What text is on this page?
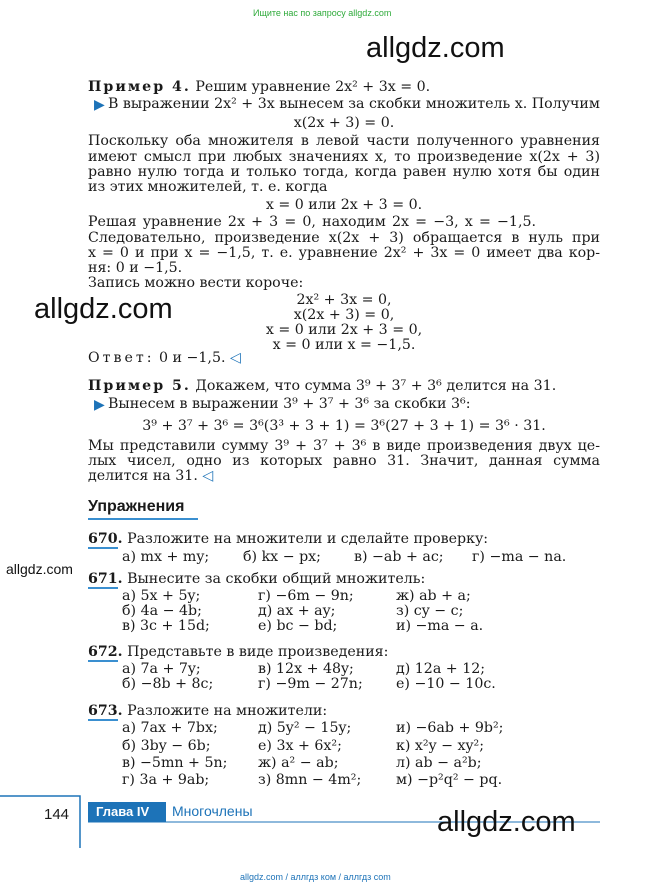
Ищите нас по запросу allgdz.com
allgdz.com
Пример 4. Решим уравнение 2x² + 3x = 0.
▶ В выражении 2x² + 3x вынесем за скобки множитель x. Получим
x(2x + 3) = 0.
Поскольку оба множителя в левой части полученного уравнения
имеют смысл при любых значениях x, то произведение x(2x + 3)
равно нулю тогда и только тогда, когда равен нулю хотя бы один
из этих множителей, т. е. когда
x = 0 или 2x + 3 = 0.
Решая уравнение 2x + 3 = 0, находим 2x = −3, x = −1,5.
Следовательно, произведение x(2x + 3) обращается в нуль при
x = 0 и при x = −1,5, т. е. уравнение 2x² + 3x = 0 имеет два кор-
ня: 0 и −1,5.
Запись можно вести короче:
allgdz.com	2x² + 3x = 0,
x(2x + 3) = 0,
x = 0 или 2x + 3 = 0,
x = 0 или x = −1,5.
Ответ: 0 и −1,5. ◁
Пример 5. Докажем, что сумма 3⁹ + 3⁷ + 3⁶ делится на 31.
▶ Вынесем в выражении 3⁹ + 3⁷ + 3⁶ за скобки 3⁶:
3⁹ + 3⁷ + 3⁶ = 3⁶(3³ + 3 + 1) = 3⁶(27 + 3 + 1) = 3⁶ · 31.
Мы представили сумму 3⁹ + 3⁷ + 3⁶ в виде произведения двух це-
лых чисел, одно из которых равно 31. Значит, данная сумма
делится на 31. ◁
Упражнения
670. Разложите на множители и сделайте проверку:
а) mx + my; б) kx − px; в) −ab + ac; г) −ma − na.
allgdz.com
671. Вынесите за скобки общий множитель:
а) 5x + 5y;	г) −6m − 9n;	ж) ab + a;
б) 4a − 4b;	д) ax + ay;	з) cy − c;
в) 3c + 15d;	е) bc − bd;	и) −ma − a.
672. Представьте в виде произведения:
а) 7a + 7y;	в) 12x + 48y;	д) 12a + 12;
б) −8b + 8c;	г) −9m − 27n; е) −10 − 10c.
673. Разложите на множители:
а) 7ax + 7bx;	д) 5y² − 15y;	и) −6ab + 9b²;
б) 3by − 6b;	е) 3x + 6x²;	к) x²y − xy²;
в) −5mn + 5n; ж) a² − ab;	л) ab − a²b;
г) 3a + 9ab;	з) 8mn − 4m²; м) −p²q² − pq.
144 Глава IV Многочлены	allgdz.com
allgdz.com / аллгдз ком / аллгдз com
